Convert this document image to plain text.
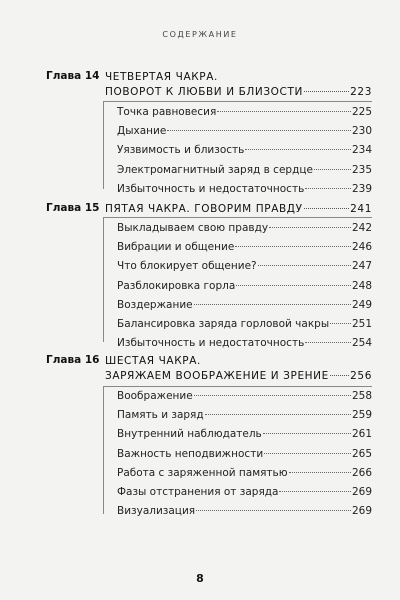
СОДЕРЖАНИЕ
Глава 14 ЧЕТВЕРТАЯ ЧАКРА.
ПОВОРОТ К ЛЮБВИ И БЛИЗОСТИ	223
Точка равновесия	225
Дыхание	230
Уязвимость и близость	234
Электромагнитный заряд в сердце	235
Избыточность и недостаточность	239
Глава 15 ПЯТАЯ ЧАКРА. ГОВОРИМ ПРАВДУ	241
Выкладываем свою правду	242
Вибрации и общение	246
Что блокирует общение?	247
Разблокировка горла	248
Воздержание	249
Балансировка заряда горловой чакры 251
Избыточность и недостаточность	254
Глава 16 ШЕСТАЯ ЧАКРА.
ЗАРЯЖАЕМ ВООБРАЖЕНИЕ И ЗРЕНИЕ 256
Воображение	258
Память и заряд	259
Внутренний наблюдатель	261
Важность неподвижности	265
Работа с заряженной памятью	266
Фазы отстранения от заряда	269
Визуализация	269
8
